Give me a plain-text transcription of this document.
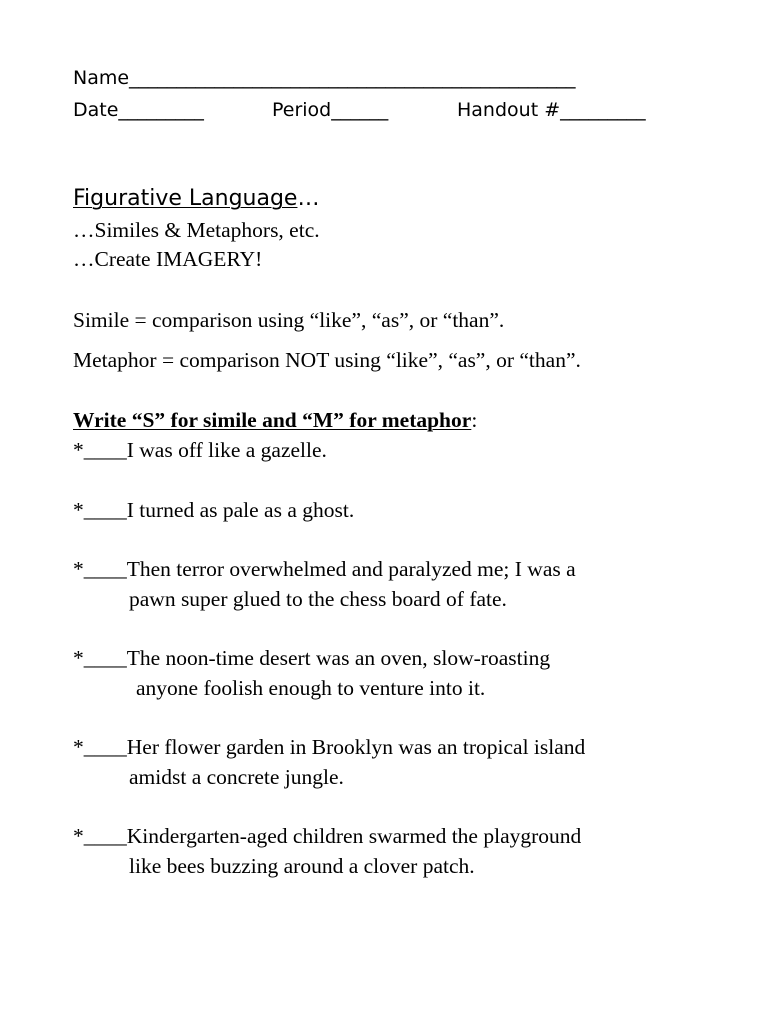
Name_______________________________________________
Date_________	Period______	Handout #_________
Figurative Language…
…Similes & Metaphors, etc.
…Create IMAGERY!
Simile = comparison using “like”, “as”, or “than”.
Metaphor = comparison NOT using “like”, “as”, or “than”.
Write “S” for simile and “M” for metaphor:
*____I was off like a gazelle.
*____I turned as pale as a ghost.
*____Then terror overwhelmed and paralyzed me; I was a
pawn super glued to the chess board of fate.
*____The noon-time desert was an oven, slow-roasting
anyone foolish enough to venture into it.
*____Her flower garden in Brooklyn was an tropical island
amidst a concrete jungle.
*____Kindergarten-aged children swarmed the playground
like bees buzzing around a clover patch.
